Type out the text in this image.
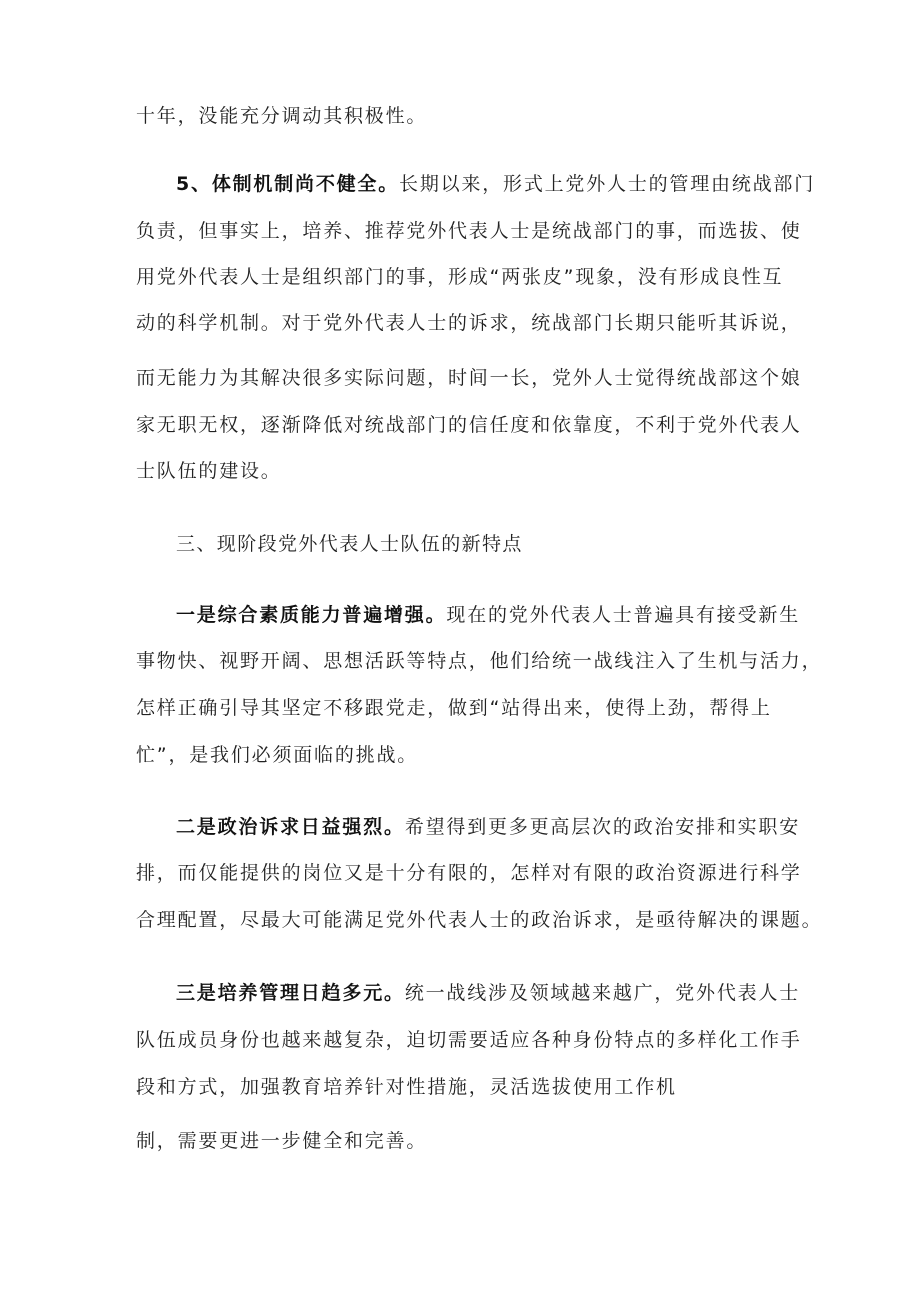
十年，没能充分调动其积极性。
5、体制机制尚不健全。长期以来，形式上党外人士的管理由统战部门
负责，但事实上，培养、推荐党外代表人士是统战部门的事，而选拔、使
用党外代表人士是组织部门的事，形成“两张皮”现象，没有形成良性互
动的科学机制。对于党外代表人士的诉求，统战部门长期只能听其诉说，
而无能力为其解决很多实际问题，时间一长，党外人士觉得统战部这个娘
家无职无权，逐渐降低对统战部门的信任度和依靠度，不利于党外代表人
士队伍的建设。
三、现阶段党外代表人士队伍的新特点
一是综合素质能力普遍增强。现在的党外代表人士普遍具有接受新生
事物快、视野开阔、思想活跃等特点，他们给统一战线注入了生机与活力，
怎样正确引导其坚定不移跟党走，做到“站得出来，使得上劲，帮得上
忙”，是我们必须面临的挑战。
二是政治诉求日益强烈。希望得到更多更高层次的政治安排和实职安
排，而仅能提供的岗位又是十分有限的，怎样对有限的政治资源进行科学
合理配置，尽最大可能满足党外代表人士的政治诉求，是亟待解决的课题。
三是培养管理日趋多元。统一战线涉及领域越来越广，党外代表人士
队伍成员身份也越来越复杂，迫切需要适应各种身份特点的多样化工作手
段和方式，加强教育培养针对性措施，灵活选拔使用工作机
制，需要更进一步健全和完善。
